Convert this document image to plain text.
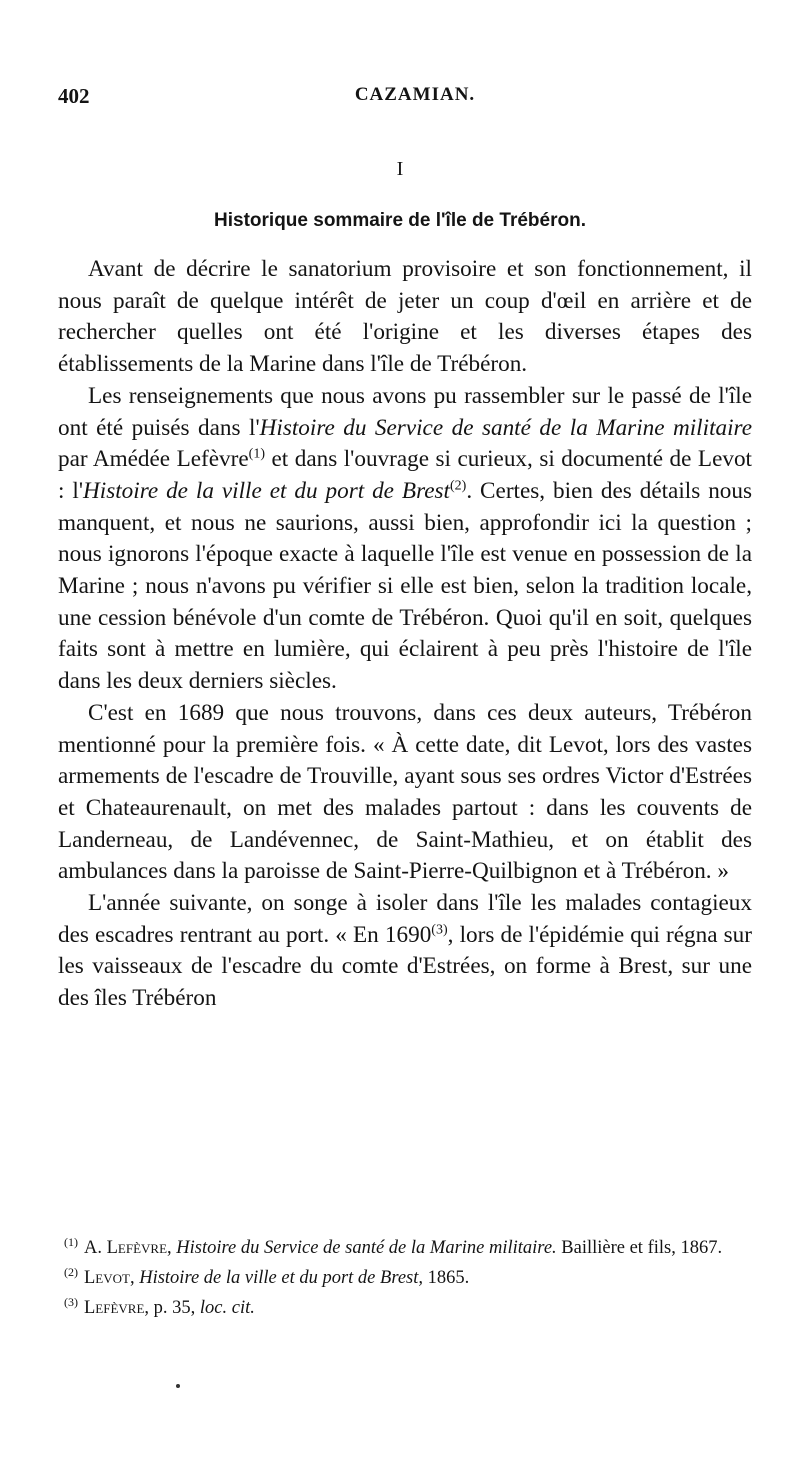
402	CAZAMIAN.
I
Historique sommaire de l'île de Trébéron.

Avant de décrire le sanatorium provisoire et son fonctionnement, il nous paraît de quelque intérêt de jeter un coup d'œil en arrière et de rechercher quelles ont été l'origine et les diverses étapes des établissements de la Marine dans l'île de Trébéron.

Les renseignements que nous avons pu rassembler sur le passé de l'île ont été puisés dans l'Histoire du Service de santé de la Marine militaire par Amédée Lefèvre$^{(1)}$ et dans l'ouvrage si curieux, si documenté de Levot : l'Histoire de la ville et du port de Brest$^{(2)}$. Certes, bien des détails nous manquent, et nous ne saurions, aussi bien, approfondir ici la question ; nous ignorons l'époque exacte à laquelle l'île est venue en possession de la Marine ; nous n'avons pu vérifier si elle est bien, selon la tradition locale, une cession bénévole d'un comte de Trébéron. Quoi qu'il en soit, quelques faits sont à mettre en lumière, qui éclairent à peu près l'histoire de l'île dans les deux derniers siècles.

C'est en 1689 que nous trouvons, dans ces deux auteurs, Trébéron mentionné pour la première fois. « À cette date, dit Levot, lors des vastes armements de l'escadre de Trouville, ayant sous ses ordres Victor d'Estrées et Chateaurenault, on met des malades partout : dans les couvents de Landerneau, de Landévennec, de Saint-Mathieu, et on établit des ambulances dans la paroisse de Saint-Pierre-Quilbignon et à Trébéron. »

L'année suivante, on songe à isoler dans l'île les malades contagieux des escadres rentrant au port. « En 1690$^{(3)}$, lors de l'épidémie qui régna sur les vaisseaux de l'escadre du comte d'Estrées, on forme à Brest, sur une des îles Trébéron

$^{(1)}$ A. Lefèvre, Histoire du Service de santé de la Marine militaire. Baillière et fils, 1867.

$^{(2)}$ Levot, Histoire de la ville et du port de Brest, 1865.

$^{(3)}$ Lefèvre, p. 35, loc. cit.
